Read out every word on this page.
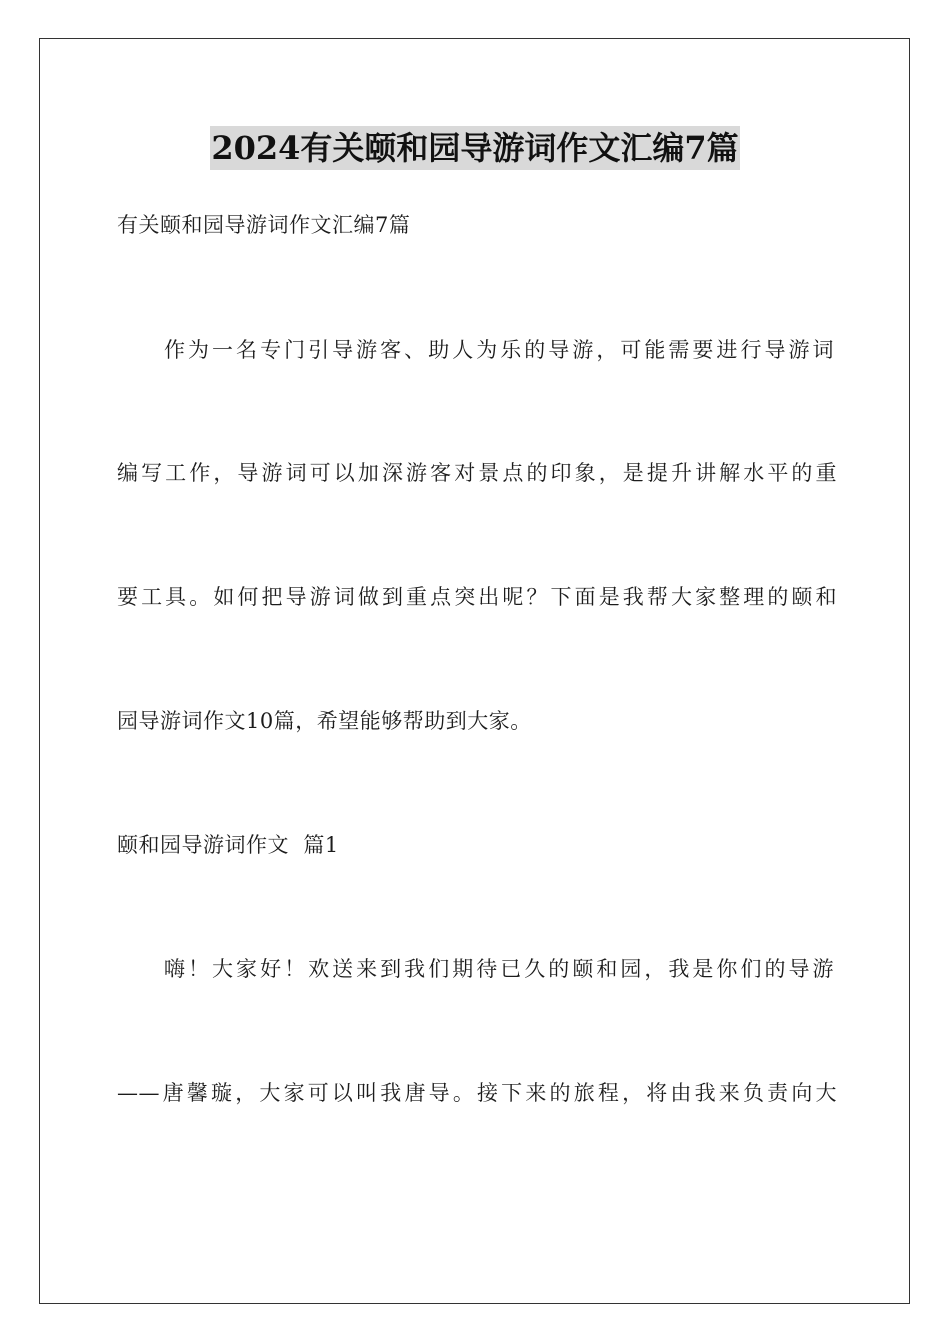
2024有关颐和园导游词作文汇编7篇
有关颐和园导游词作文汇编7篇
作为一名专门引导游客、助人为乐的导游，可能需要进行导游词
编写工作，导游词可以加深游客对景点的印象，是提升讲解水平的重
要工具。如何把导游词做到重点突出呢？下面是我帮大家整理的颐和
园导游词作文10篇，希望能够帮助到大家。
颐和园导游词作文  篇1
嗨！大家好！欢送来到我们期待已久的颐和园，我是你们的导游
——唐馨璇，大家可以叫我唐导。接下来的旅程，将由我来负责向大
